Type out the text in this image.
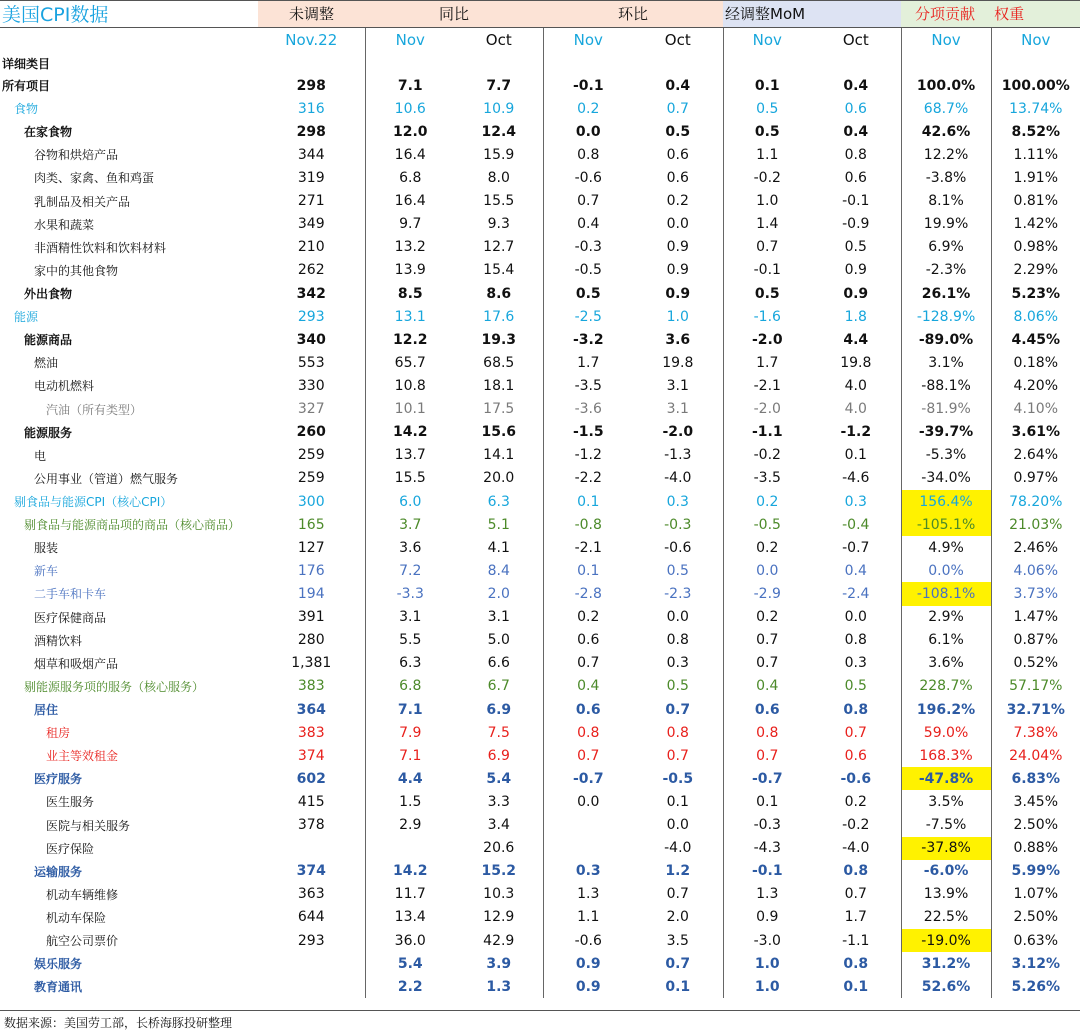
美国CPI数据	未调整	同比		环比		经调整MoM		分项贡献 权重	
	Nov.22	Nov	Oct	Nov	Oct	Nov	Oct	Nov	Nov
详细类目									
所有项目	298	7.1	7.7	-0.1	0.4	0.1	0.4	100.0%	100.00%
食物	316	10.6	10.9	0.2	0.7	0.5	0.6	68.7%	13.74%
在家食物	298	12.0	12.4	0.0	0.5	0.5	0.4	42.6%	8.52%
谷物和烘焙产品	344	16.4	15.9	0.8	0.6	1.1	0.8	12.2%	1.11%
肉类、家禽、鱼和鸡蛋	319	6.8	8.0	-0.6	0.6	-0.2	0.6	-3.8%	1.91%
乳制品及相关产品	271	16.4	15.5	0.7	0.2	1.0	-0.1	8.1%	0.81%
水果和蔬菜	349	9.7	9.3	0.4	0.0	1.4	-0.9	19.9%	1.42%
非酒精性饮料和饮料材料	210	13.2	12.7	-0.3	0.9	0.7	0.5	6.9%	0.98%
家中的其他食物	262	13.9	15.4	-0.5	0.9	-0.1	0.9	-2.3%	2.29%
外出食物	342	8.5	8.6	0.5	0.9	0.5	0.9	26.1%	5.23%
能源	293	13.1	17.6	-2.5	1.0	-1.6	1.8	-128.9%	8.06%
能源商品	340	12.2	19.3	-3.2	3.6	-2.0	4.4	-89.0%	4.45%
燃油	553	65.7	68.5	1.7	19.8	1.7	19.8	3.1%	0.18%
电动机燃料	330	10.8	18.1	-3.5	3.1	-2.1	4.0	-88.1%	4.20%
汽油（所有类型）	327	10.1	17.5	-3.6	3.1	-2.0	4.0	-81.9%	4.10%
能源服务	260	14.2	15.6	-1.5	-2.0	-1.1	-1.2	-39.7%	3.61%
电	259	13.7	14.1	-1.2	-1.3	-0.2	0.1	-5.3%	2.64%
公用事业（管道）燃气服务	259	15.5	20.0	-2.2	-4.0	-3.5	-4.6	-34.0%	0.97%
剔食品与能源CPI（核心CPI）	300	6.0	6.3	0.1	0.3	0.2	0.3	156.4%	78.20%
剔食品与能源商品项的商品（核心商品）	165	3.7	5.1	-0.8	-0.3	-0.5	-0.4	-105.1%	21.03%
服装	127	3.6	4.1	-2.1	-0.6	0.2	-0.7	4.9%	2.46%
新车	176	7.2	8.4	0.1	0.5	0.0	0.4	0.0%	4.06%
二手车和卡车	194	-3.3	2.0	-2.8	-2.3	-2.9	-2.4	-108.1%	3.73%
医疗保健商品	391	3.1	3.1	0.2	0.0	0.2	0.0	2.9%	1.47%
酒精饮料	280	5.5	5.0	0.6	0.8	0.7	0.8	6.1%	0.87%
烟草和吸烟产品	1,381	6.3	6.6	0.7	0.3	0.7	0.3	3.6%	0.52%
剔能源服务项的服务（核心服务）	383	6.8	6.7	0.4	0.5	0.4	0.5	228.7%	57.17%
居住	364	7.1	6.9	0.6	0.7	0.6	0.8	196.2%	32.71%
租房	383	7.9	7.5	0.8	0.8	0.8	0.7	59.0%	7.38%
业主等效租金	374	7.1	6.9	0.7	0.7	0.7	0.6	168.3%	24.04%
医疗服务	602	4.4	5.4	-0.7	-0.5	-0.7	-0.6	-47.8%	6.83%
医生服务	415	1.5	3.3	0.0	0.1	0.1	0.2	3.5%	3.45%
医院与相关服务	378	2.9	3.4		0.0	-0.3	-0.2	-7.5%	2.50%
医疗保险			20.6		-4.0	-4.3	-4.0	-37.8%	0.88%
运输服务	374	14.2	15.2	0.3	1.2	-0.1	0.8	-6.0%	5.99%
机动车辆维修	363	11.7	10.3	1.3	0.7	1.3	0.7	13.9%	1.07%
机动车保险	644	13.4	12.9	1.1	2.0	0.9	1.7	22.5%	2.50%
航空公司票价	293	36.0	42.9	-0.6	3.5	-3.0	-1.1	-19.0%	0.63%
娱乐服务		5.4	3.9	0.9	0.7	1.0	0.8	31.2%	3.12%
教育通讯		2.2	1.3	0.9	0.1	1.0	0.1	52.6%	5.26%
数据来源：美国劳工部，长桥海豚投研整理
